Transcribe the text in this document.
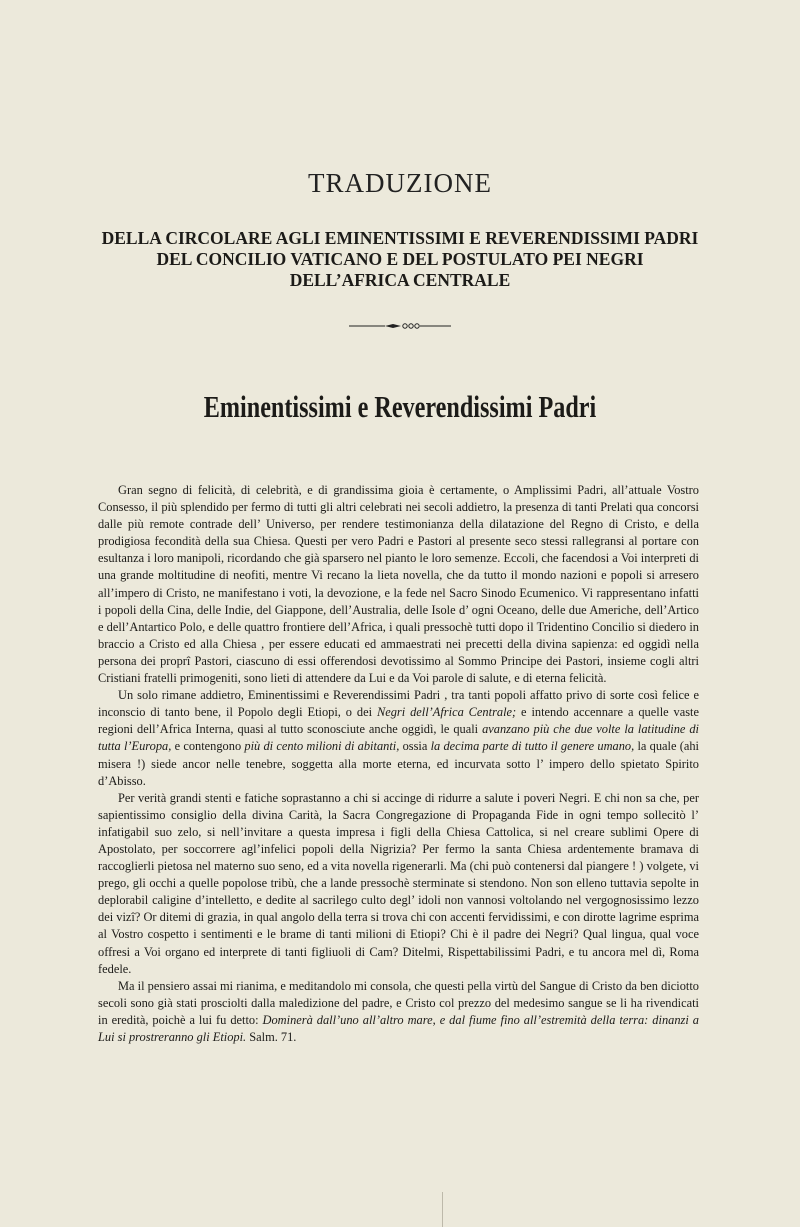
TRADUZIONE
DELLA CIRCOLARE AGLI EMINENTISSIMI E REVERENDISSIMI PADRI
DEL CONCILIO VATICANO E DEL POSTULATO PEI NEGRI
DELL’AFRICA CENTRALE
Eminentissimi e Reverendissimi Padri

Gran segno di felicità, di celebrità, e di grandissima gioia è certamente, o Amplissimi Padri, all’attuale Vostro Consesso, il più splendido per fermo di tutti gli altri celebrati nei secoli addietro, la presenza di tanti Prelati qua concorsi dalle più remote contrade dell’ Universo, per rendere testimonianza della dilatazione del Regno di Cristo, e della prodigiosa fecondità della sua Chiesa. Questi per vero Padri e Pastori al presente seco stessi rallegransi al portare con esultanza i loro manipoli, ricordando che già sparsero nel pianto le loro semenze. Eccoli, che facendosi a Voi interpreti di una grande moltitudine di neofiti, mentre Vi recano la lieta novella, che da tutto il mondo nazioni e popoli si arresero all’impero di Cristo, ne manifestano i voti, la devozione, e la fede nel Sacro Sinodo Ecumenico. Vi rappresentano infatti i popoli della Cina, delle Indie, del Giappone, dell’Australia, delle Isole d’ ogni Oceano, delle due Americhe, dell’Artico e dell’Antartico Polo, e delle quattro frontiere dell’Africa, i quali pressochè tutti dopo il Tridentino Concilio si diedero in braccio a Cristo ed alla Chiesa , per essere educati ed ammaestrati nei precetti della divina sapienza: ed oggidì nella persona dei proprî Pastori, ciascuno di essi offerendosi devotissimo al Sommo Principe dei Pastori, insieme cogli altri Cristiani fratelli primogeniti, sono lieti di attendere da Lui e da Voi parole di salute, e di eterna felicità.

Un solo rimane addietro, Eminentissimi e Reverendissimi Padri , tra tanti popoli affatto privo di sorte così felice e inconscio di tanto bene, il Popolo degli Etiopi, o dei Negri dell’Africa Centrale; e intendo accennare a quelle vaste regioni dell’Africa Interna, quasi al tutto sconosciute anche oggidì, le quali avanzano più che due volte la latitudine di tutta l’Europa, e contengono più di cento milioni di abitanti, ossia la decima parte di tutto il genere umano, la quale (ahi misera !) siede ancor nelle tenebre, soggetta alla morte eterna, ed incurvata sotto l’ impero dello spietato Spirito d’Abisso.

Per verità grandi stenti e fatiche soprastanno a chi si accinge di ridurre a salute i poveri Negri. E chi non sa che, per sapientissimo consiglio della divina Carità, la Sacra Congregazione di Propaganda Fide in ogni tempo sollecitò l’ infatigabil suo zelo, si nell’invitare a questa impresa i figli della Chiesa Cattolica, si nel creare sublimi Opere di Apostolato, per soccorrere agl’infelici popoli della Nigrizia? Per fermo la santa Chiesa ardentemente bramava di raccoglierli pietosa nel materno suo seno, ed a vita novella rigenerarli. Ma (chi può contenersi dal piangere ! ) volgete, vi prego, gli occhi a quelle popolose tribù, che a lande pressochè sterminate si stendono. Non son elleno tuttavia sepolte in deplorabil caligine d’intelletto, e dedite al sacrilego culto degl’ idoli non vannosi voltolando nel vergognosissimo lezzo dei vizî? Or ditemi di grazia, in qual angolo della terra si trova chi con accenti fervidissimi, e con dirotte lagrime esprima al Vostro cospetto i sentimenti e le brame di tanti milioni di Etiopi? Chi è il padre dei Negri? Qual lingua, qual voce offresi a Voi organo ed interprete di tanti figliuoli di Cam? Ditelmi, Rispettabilissimi Padri, e tu ancora mel dì, Roma fedele.

Ma il pensiero assai mi rianima, e meditandolo mi consola, che questi pella virtù del Sangue di Cristo da ben diciotto secoli sono già stati prosciolti dalla maledizione del padre, e Cristo col prezzo del medesimo sangue se li ha rivendicati in eredità, poichè a lui fu detto: Dominerà dall’uno all’altro mare, e dal fiume fino all’estremità della terra: dinanzi a Lui si prostreranno gli Etiopi. Salm. 71.
